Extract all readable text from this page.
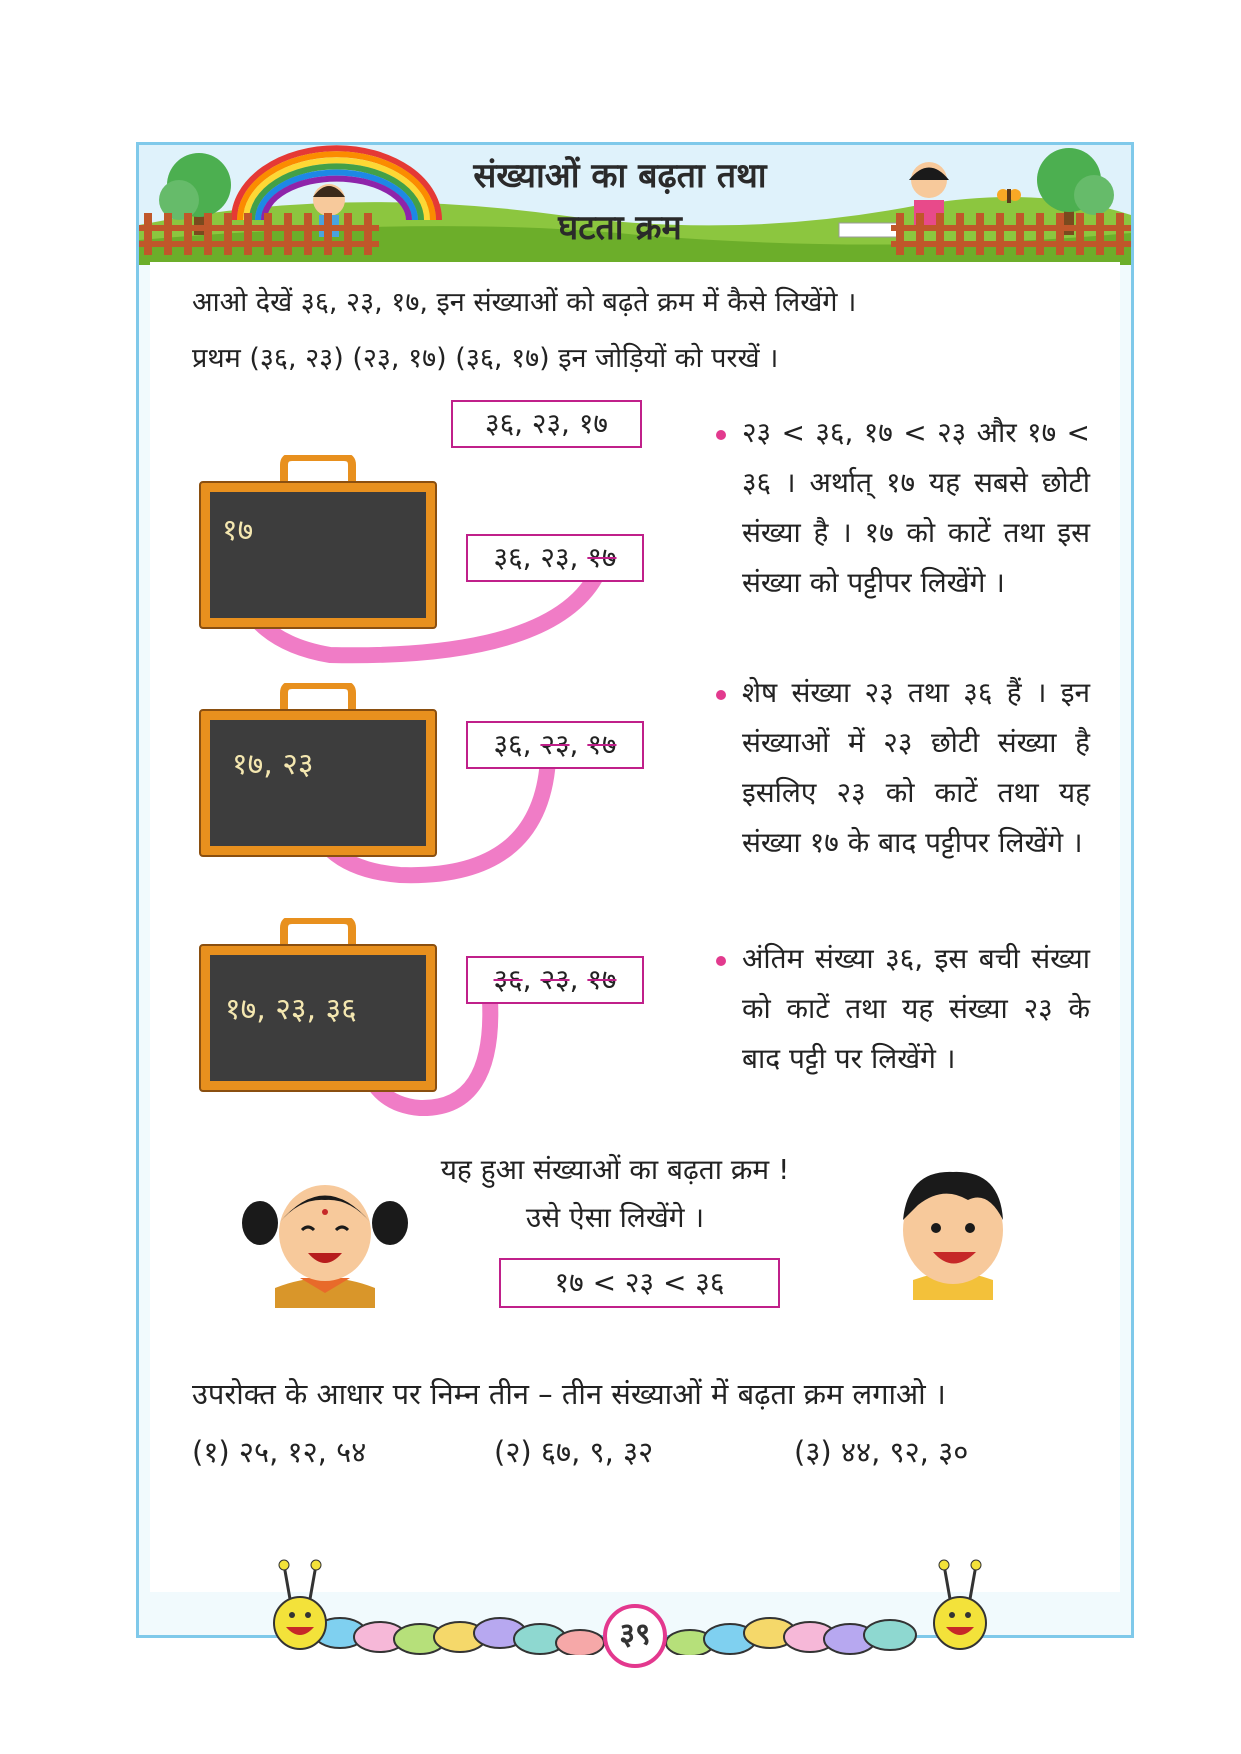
संख्याओं का बढ़ता तथा
घटता क्रम
आओ देखें ३६, २३, १७, इन संख्याओं को बढ़ते क्रम में कैसे लिखेंगे ।
प्रथम (३६, २३) (२३, १७) (३६, १७) इन जोड़ियों को परखें ।
३६, २३, १७
१७
१७, २३
१७, २३, ३६
३६, २३, १७
३६, २३, १७
३६, २३, १७
२३ < ३६, १७ < २३ और १७ < ३६ । अर्थात् १७ यह सबसे छोटी संख्या है । १७ को काटें तथा इस संख्या को पट्टीपर लिखेंगे ।
शेष संख्या २३ तथा ३६ हैं । इन संख्याओं में २३ छोटी संख्या है इसलिए २३ को काटें तथा यह संख्या १७ के बाद पट्टीपर लिखेंगे ।
अंतिम संख्या ३६, इस बची संख्या को काटें तथा यह संख्या २३ के बाद पट्टी पर लिखेंगे ।
यह हुआ संख्याओं का बढ़ता क्रम !
उसे ऐसा लिखेंगे ।
१७ < २३ < ३६
उपरोक्त के आधार पर निम्न तीन – तीन संख्याओं में बढ़ता क्रम लगाओ ।
(१) २५, १२, ५४	(२) ६७, ९, ३२	(३) ४४, ९२, ३०
३९
